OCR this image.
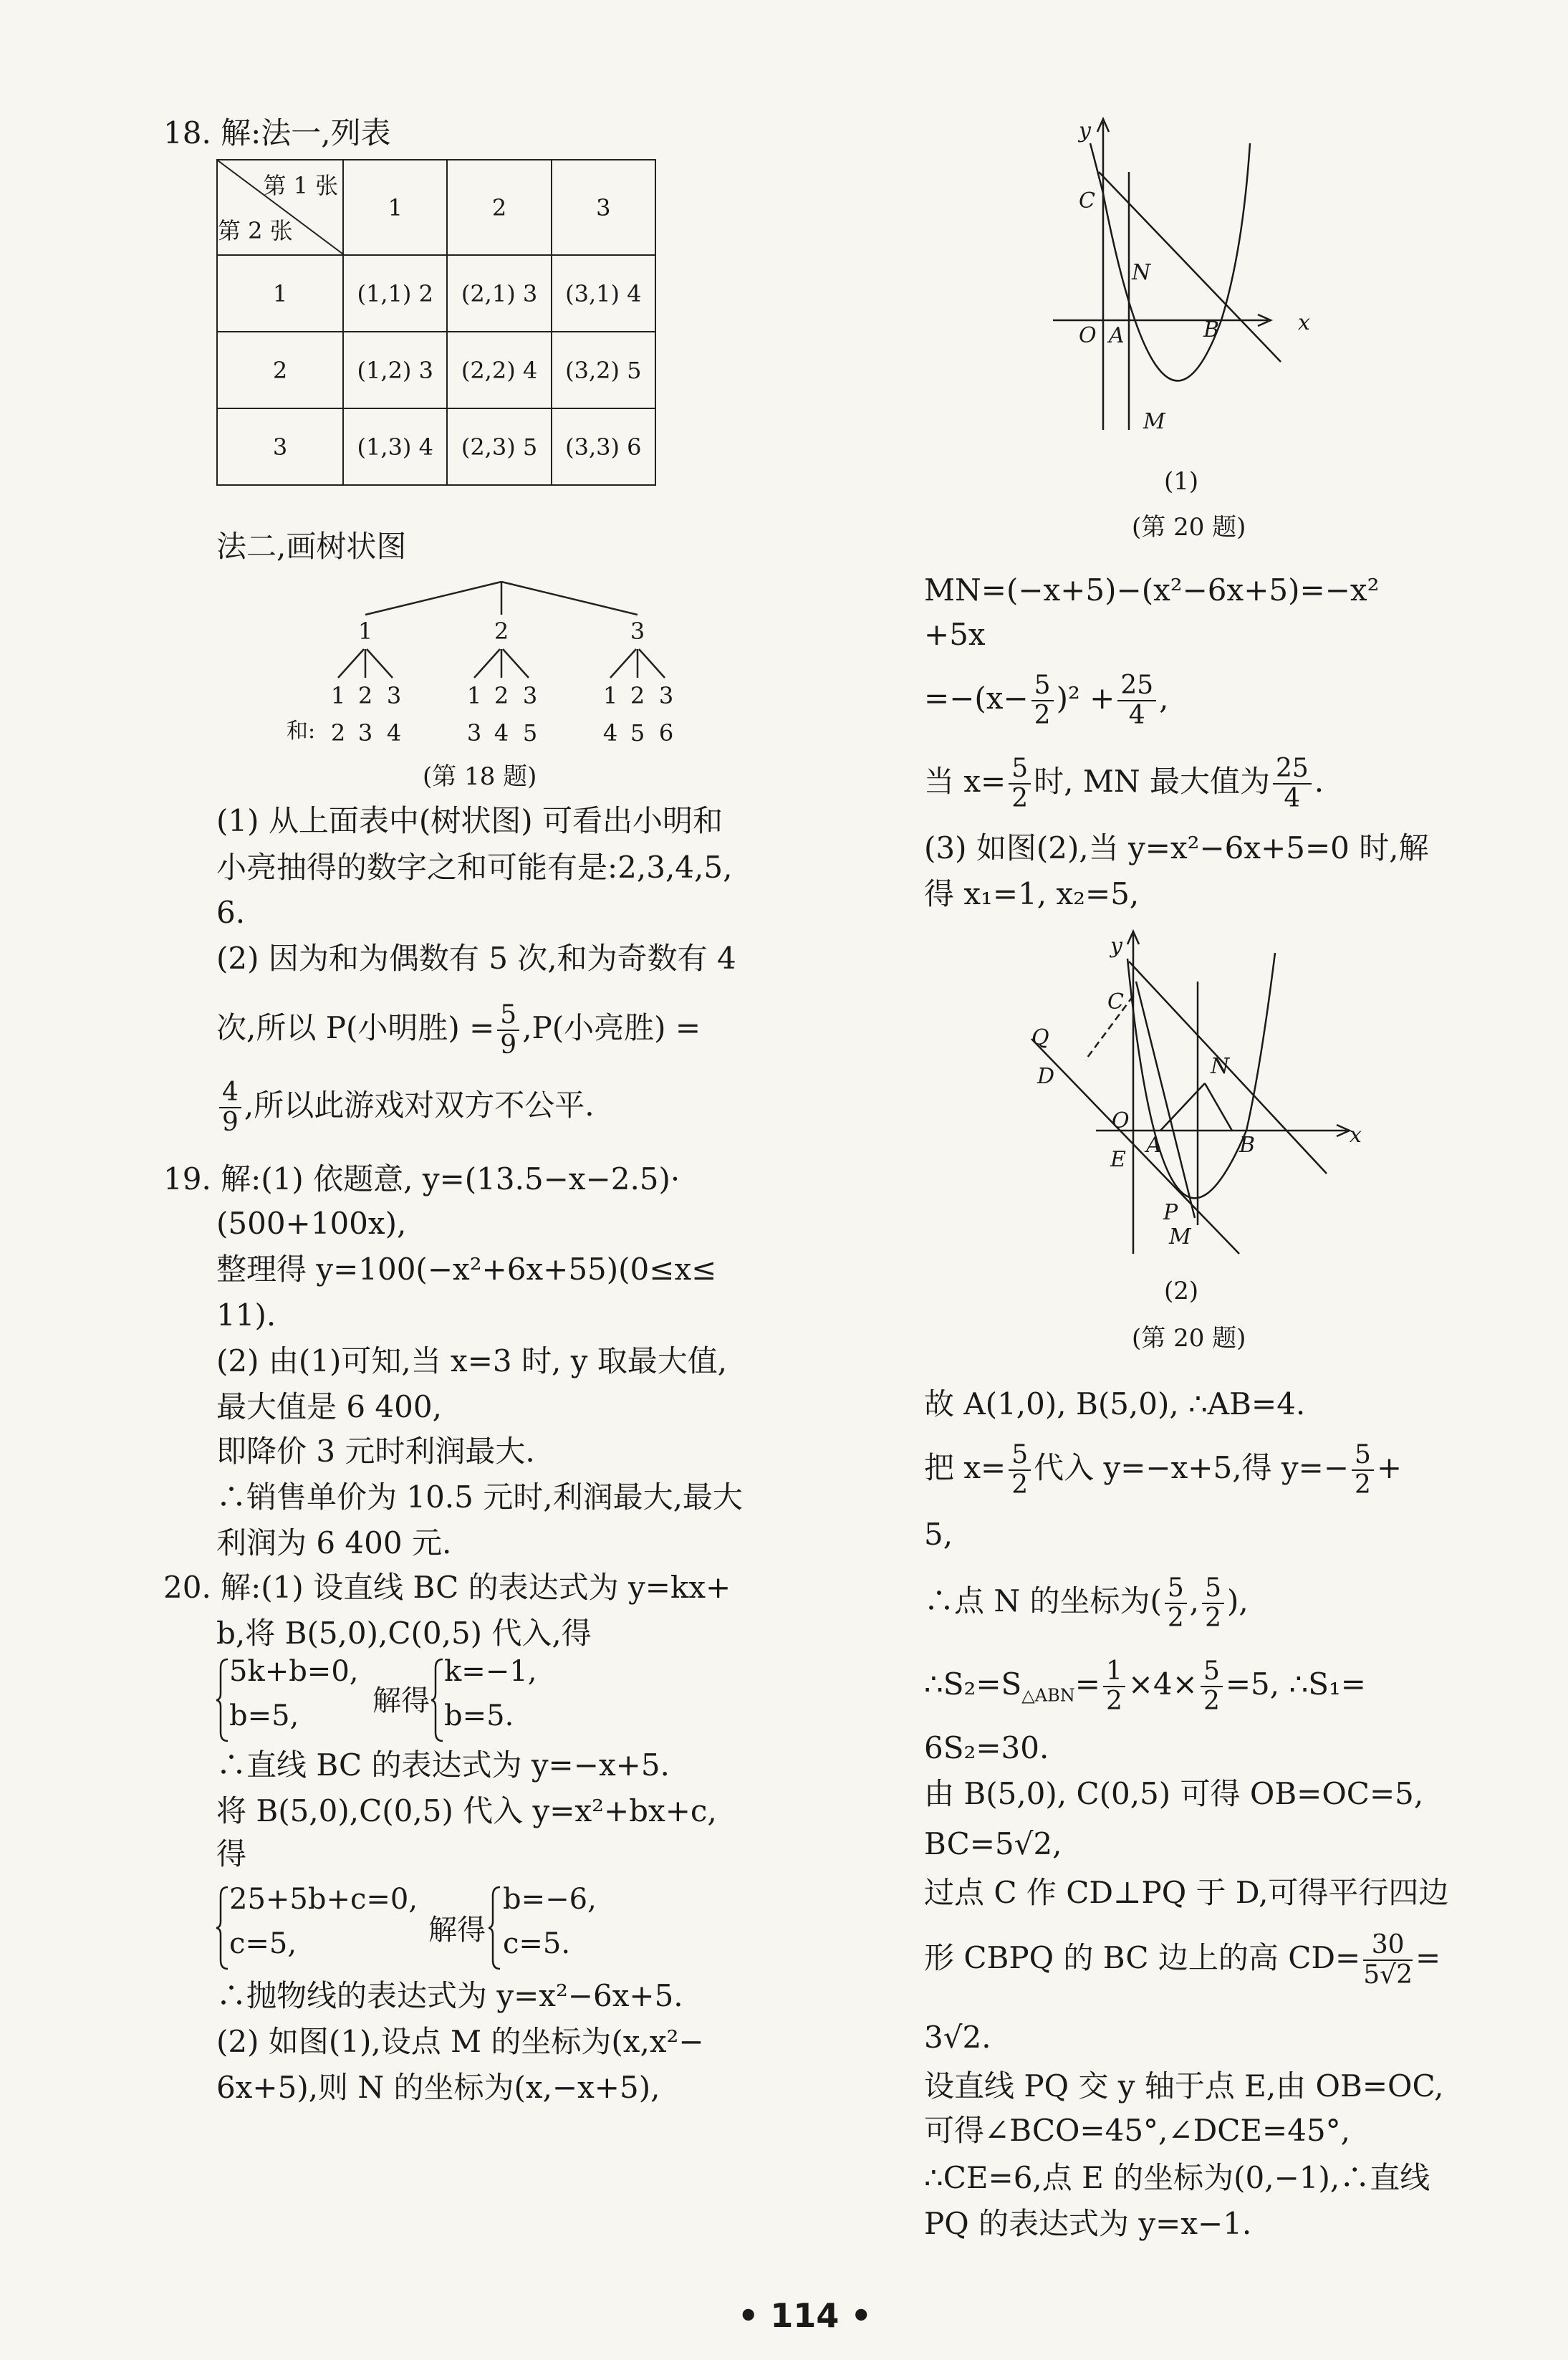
18. 解:法一,列表
第 1 张
第 2 张	1	2	3
1	(1,1) 2	(2,1) 3	(3,1) 4
2	(1,2) 3	(2,2) 4	(3,2) 5
3	(1,3) 4	(2,3) 5	(3,3) 6
法二,画树状图
1	2	3
1 2 3	1 2 3	1 2 3
和: 2 3 4	3 4 5	4 5 6
(第 18 题)
(1) 从上面表中(树状图) 可看出小明和
小亮抽得的数字之和可能有是:2,3,4,5,
6.
(2) 因为和为偶数有 5 次,和为奇数有 4
次,所以 P(小明胜) = $\frac{5}{9} ,P$(小亮胜) =
$\frac{4}{9}$ ,所以此游戏对双方不公平.
19. 解:(1) 依题意, y=(13.5−x−2.5)·
(500+100x),
整理得 y=100(−x²+6x+55)(0≤x≤
11).
(2) 由(1)可知,当 x=3 时, y 取最大值,
最大值是 6 400,
即降价 3 元时利润最大.
∴销售单价为 10.5 元时,利润最大,最大
利润为 6 400 元.
20. 解:(1) 设直线 BC 的表达式为 y=kx+
b,将 B(5,0),C(0,5) 代入,得
5k+b=0,
b=5,	解得
k=−1,
b=5.
∴直线 BC 的表达式为 y=−x+5.
将 B(5,0),C(0,5) 代入 y=x²+bx+c,
得
25+5b+c=0,
c=5,	解得
b=−6,
c=5.
∴抛物线的表达式为 y=x²−6x+5.
(2) 如图(1),设点 M 的坐标为(x,x²−
6x+5),则 N 的坐标为(x,−x+5),
y
C
N
O A	B	x
M
(1)
(第 20 题)
MN=(−x+5)−(x²−6x+5)=−x²
+5x
$=-(x- \frac{5}{2} )^2 + \frac{25}{4}$ ,
当 $x= \frac{5}{2}$ 时, MN 最大值为 $\frac{25}{4}$ .
(3) 如图(2),当 y=x²−6x+5=0 时,解
得 x₁=1, x₂=5,
y
C
Q
D	N
O
A	B	x
E
P
M
(2)
(第 20 题)
故 A(1,0), B(5,0), ∴AB=4.
把 $x= \frac{5}{2}$ 代入 y=−x+5,得 $y=- \frac{5}{2}$ +
5,
∴点 N 的坐标为( $\frac{5}{2}$ , $\frac{5}{2}$ ),
$\therefore S_2=S_{\triangle ABN}= \frac{1}{2} \times 4\times \frac{5}{2} =5$, ∴S₁=
6S₂=30.
由 B(5,0), C(0,5) 可得 OB=OC=5,
BC=5√2,
过点 C 作 CD⊥PQ 于 D,可得平行四边
形 CBPQ 的 BC 边上的高 $CD= \frac{30}{5√2}$ =
3√2.
设直线 PQ 交 y 轴于点 E,由 OB=OC,
可得∠BCO=45°,∠DCE=45°,
∴CE=6,点 E 的坐标为(0,−1),∴直线
PQ 的表达式为 y=x−1.
• 114 •
